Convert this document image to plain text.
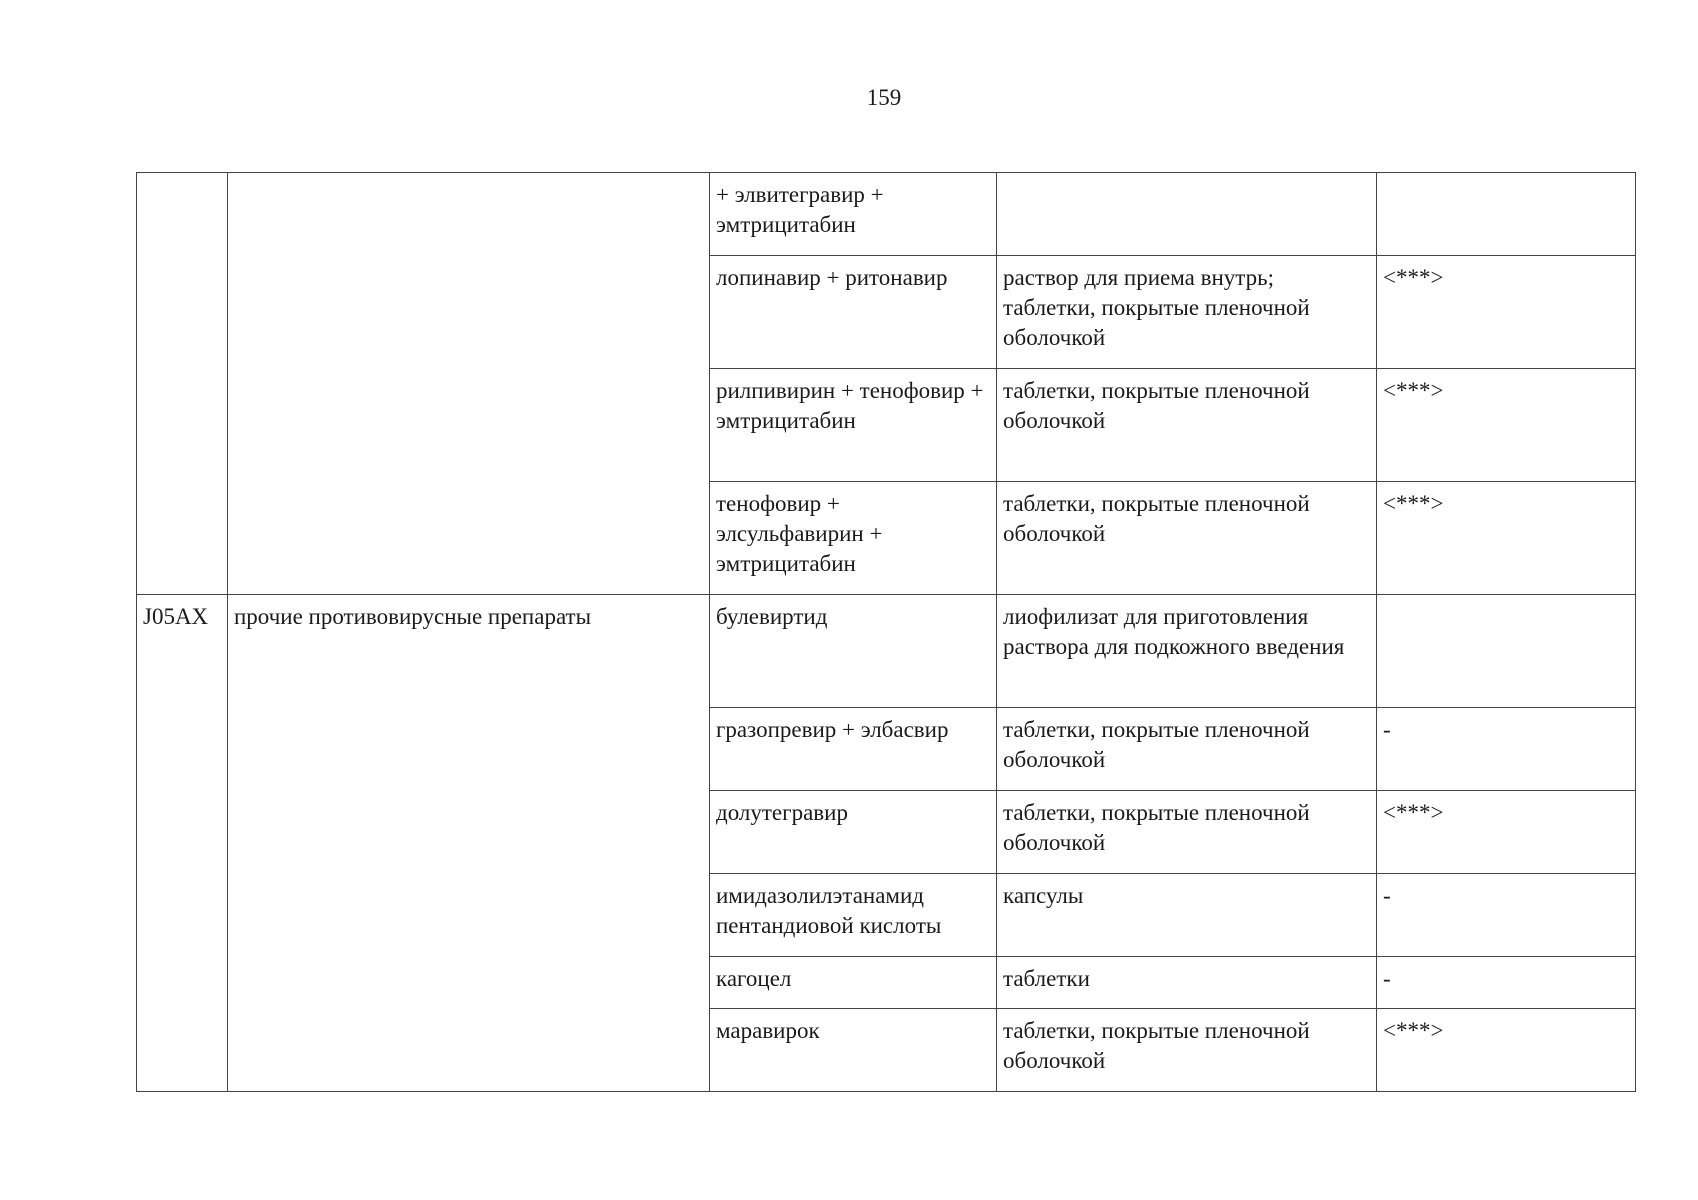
159
		+ элвитегравир + эмтрицитабин		
		лопинавир + ритонавир	раствор для приема внутрь; таблетки, покрытые пленочной оболочкой	<***>
		рилпивирин + тенофовир + эмтрицитабин	таблетки, покрытые пленочной оболочкой	<***>
		тенофовир + элсульфавирин + эмтрицитабин	таблетки, покрытые пленочной оболочкой	<***>
J05AX	прочие противовирусные препараты	булевиртид	лиофилизат для приготовления раствора для подкожного введения	
		гразопревир + элбасвир	таблетки, покрытые пленочной оболочкой	-
		долутегравир	таблетки, покрытые пленочной оболочкой	<***>
		имидазолилэтанамид пентандиовой кислоты	капсулы	-
		кагоцел	таблетки	-
		маравирок	таблетки, покрытые пленочной оболочкой	<***>
